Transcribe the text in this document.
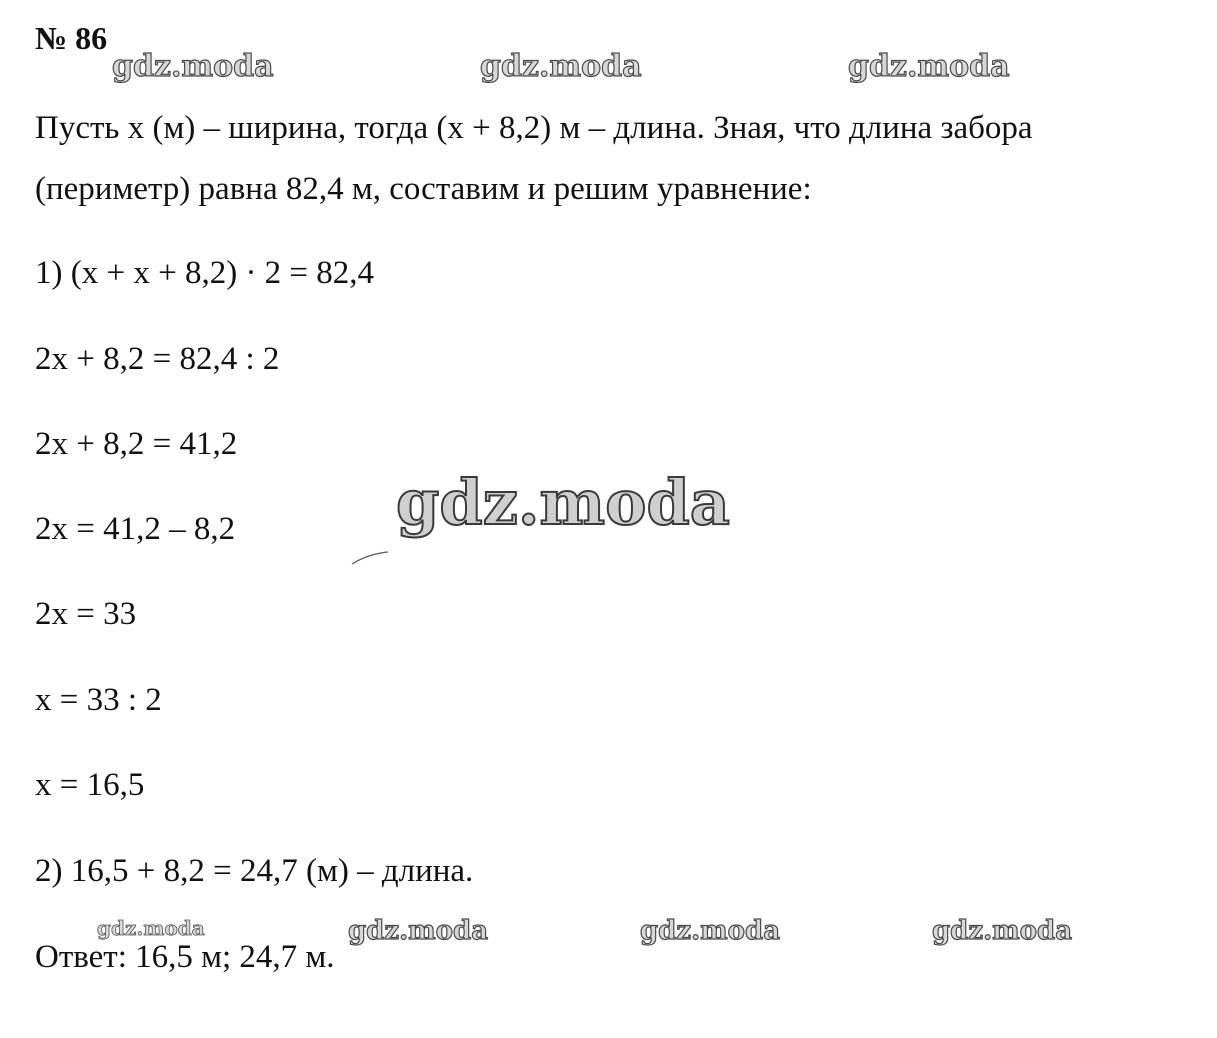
№ 86
gdz.moda	gdz.moda	gdz.moda

Пусть x (м) – ширина, тогда (x + 8,2) м – длина. Зная, что длина забора

(периметр) равна 82,4 м, составим и решим уравнение:

1) (x + x + 8,2) · 2 = 82,4

2x + 8,2 = 82,4 : 2

2x + 8,2 = 41,2

2x = 41,2 – 8,2

2x = 33

x = 33 : 2

x = 16,5

2) 16,5 + 8,2 = 24,7 (м) – длина.

gdz.moda
gdz.moda	gdz.moda	gdz.moda	gdz.moda

Ответ: 16,5 м; 24,7 м.
